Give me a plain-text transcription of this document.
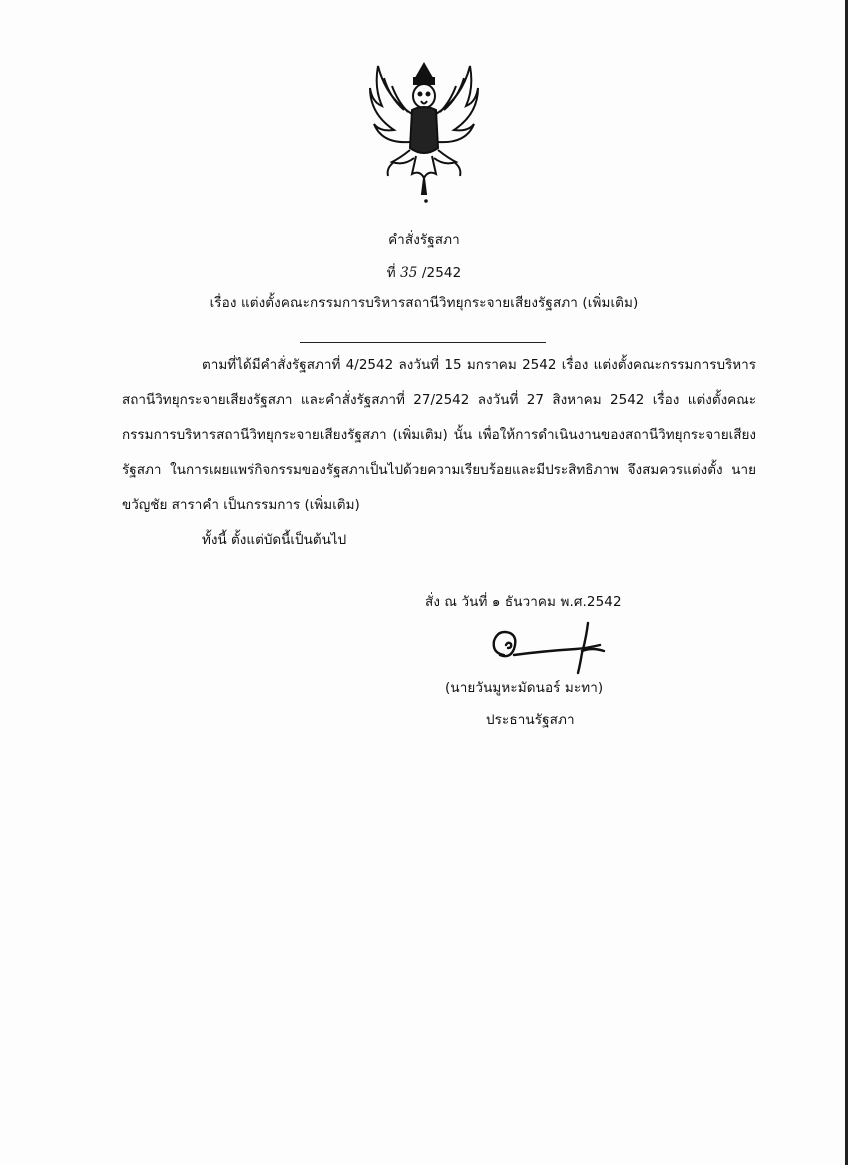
คำสั่งรัฐสภา
ที่ 35 /2542
เรื่อง แต่งตั้งคณะกรรมการบริหารสถานีวิทยุกระจายเสียงรัฐสภา (เพิ่มเติม)
ตามที่ได้มีคำสั่งรัฐสภาที่ 4/2542 ลงวันที่ 15 มกราคม 2542 เรื่อง แต่งตั้งคณะกรรมการบริหารสถานีวิทยุกระจายเสียงรัฐสภา และคำสั่งรัฐสภาที่ 27/2542 ลงวันที่ 27 สิงหาคม 2542 เรื่อง แต่งตั้งคณะกรรมการบริหารสถานีวิทยุกระจายเสียงรัฐสภา (เพิ่มเติม) นั้น เพื่อให้การดำเนินงานของสถานีวิทยุกระจายเสียงรัฐสภา ในการเผยแพร่กิจกรรมของรัฐสภาเป็นไปด้วยความเรียบร้อยและมีประสิทธิภาพ จึงสมควรแต่งตั้ง นายขวัญชัย สาราคำ เป็นกรรมการ (เพิ่มเติม)
ทั้งนี้ ตั้งแต่บัดนี้เป็นต้นไป
สั่ง ณ วันที่ ๑ ธันวาคม พ.ศ.2542
(นายวันมูหะมัดนอร์ มะทา)
ประธานรัฐสภา
